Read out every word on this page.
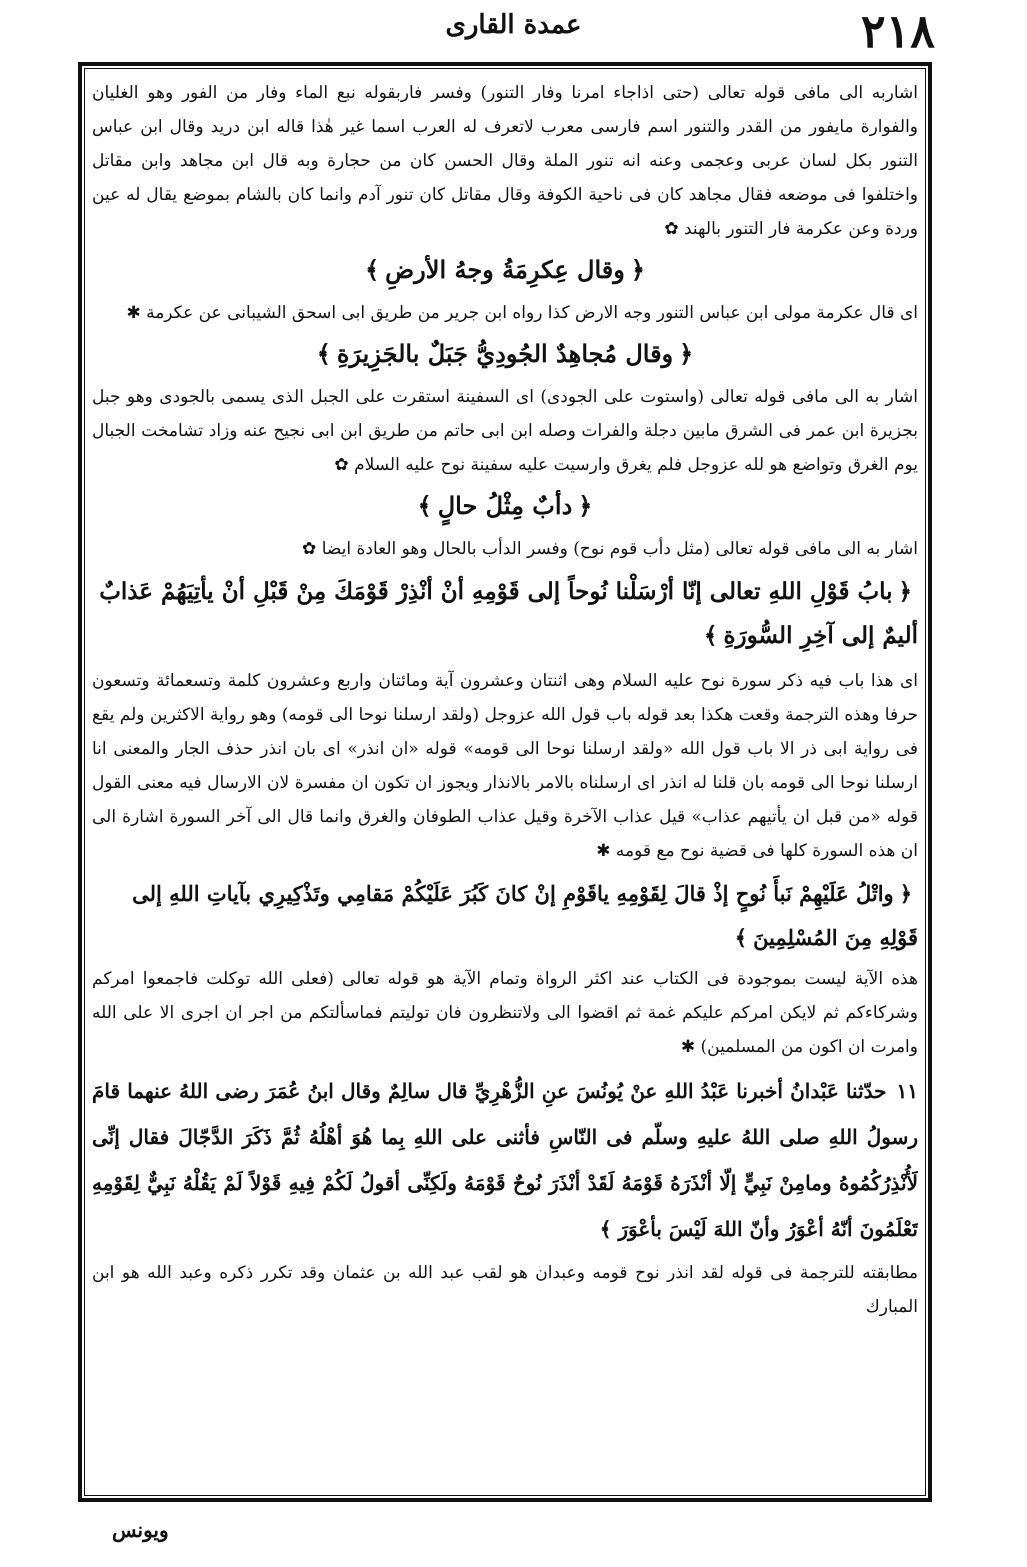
٢١٨
عمدة القارى

اشاربه الى مافى قوله تعالى (حتى اذاجاء امرنا وفار التنور) وفسر فاربقوله نبع الماء وفار من الفور وهو الغليان والفوارة مايفور من القدر والتنور اسم فارسى معرب لاتعرف له العرب اسما غير هٰذا قاله ابن دريد وقال ابن عباس التنور بكل لسان عربى وعجمى وعنه انه تنور الملة وقال الحسن كان من حجارة وبه قال ابن مجاهد وابن مقاتل واختلفوا فى موضعه فقال مجاهد كان فى ناحية الكوفة وقال مقاتل كان تنور آدم وانما كان بالشام بموضع يقال له عين وردة وعن عكرمة فار التنور بالهند ✿

﴿وقال عِكرِمَةُ وجهُ الأرضِ﴾

اى قال عكرمة مولى ابن عباس التنور وجه الارض كذا رواه ابن جرير من طريق ابى اسحق الشيبانى عن عكرمة ✱

﴿وقال مُجاهِدٌ الجُودِيُّ جَبَلٌ بالجَزِيرَةِ﴾

اشار به الى مافى قوله تعالى (واستوت على الجودى) اى السفينة استقرت على الجبل الذى يسمى بالجودى وهو جبل بجزيرة ابن عمر فى الشرق مابين دجلة والفرات وصله ابن ابى حاتم من طريق ابن ابى نجيح عنه وزاد تشامخت الجبال يوم الغرق وتواضع هو لله عزوجل فلم يغرق وارسيت عليه سفينة نوح عليه السلام ✿

﴿دأبٌ مِثْلُ حالٍ﴾

اشار به الى مافى قوله تعالى (مثل دأب قوم نوح) وفسر الدأب بالحال وهو العادة ايضا ✿

﴿بابُ قَوْلِ اللهِ تعالى إنّا أرْسَلْنا نُوحاً إلى قَوْمِهِ أنْ أنْذِرْ قَوْمَكَ مِنْ قَبْلِ أنْ يأتِيَهُمْ عَذابٌ أليمٌ إلى آخِرِ السُّورَةِ﴾

اى هذا باب فيه ذكر سورة نوح عليه السلام وهى اثنتان وعشرون آية ومائتان واربع وعشرون كلمة وتسعمائة وتسعون حرفا وهذه الترجمة وقعت هكذا بعد قوله باب قول الله عزوجل (ولقد ارسلنا نوحا الى قومه) وهو رواية الاكثرين ولم يقع فى رواية ابى ذر الا باب قول الله «ولقد ارسلنا نوحا الى قومه» قوله «ان انذر» اى بان انذر حذف الجار والمعنى انا ارسلنا نوحا الى قومه بان قلنا له انذر اى ارسلناه بالامر بالانذار ويجوز ان تكون ان مفسرة لان الارسال فيه معنى القول قوله «من قبل ان يأتيهم عذاب» قيل عذاب الآخرة وقيل عذاب الطوفان والغرق وانما قال الى آخر السورة اشارة الى ان هذه السورة كلها فى قضية نوح مع قومه ✱

﴿واتْلُ عَلَيْهِمْ نَبأَ نُوحٍ إذْ قالَ لِقَوْمِهِ ياقَوْمِ إنْ كانَ كَبُرَ عَلَيْكُمْ مَقامِي وتَذْكِيرِي بآياتِ اللهِ إلى قَوْلِهِ مِنَ المُسْلِمِينَ﴾

هذه الآية ليست بموجودة فى الكتاب عند اكثر الرواة وتمام الآية هو قوله تعالى (فعلى الله توكلت فاجمعوا امركم وشركاءكم ثم لايكن امركم عليكم غمة ثم اقضوا الى ولاتنظرون فان توليتم فماسألتكم من اجر ان اجرى الا على الله وامرت ان اكون من المسلمين) ✱

١١حدّثنا عَبْدانُ أخبرنا عَبْدُ اللهِ عنْ يُونُسَ عنِ الزُّهْرِيِّ قال سالِمٌ وقال ابنُ عُمَرَ رضى اللهُ عنهما قامَ رسولُ اللهِ صلى اللهُ عليهِ وسلّم فى النّاسِ فأثنى على اللهِ بِما هُوَ أهْلُهُ ثُمَّ ذَكَرَ الدَّجّالَ فقال إنِّى لَأُنْذِرُكُمُوهُ ومامِنْ نَبِيٍّ إلّا أنْذَرَهُ قَوْمَهُ لَقَدْ أنْذَرَ نُوحٌ قَوْمَهُ ولَكِنِّى أقولُ لَكُمْ فِيهِ قَوْلاً لَمْ يَقُلْهُ نَبِيٌّ لِقَوْمِهِ تَعْلَمُونَ أنّهُ أعْوَرُ وأنّ اللهَ لَيْسَ بأعْوَرَ ﴾

مطابقته للترجمة فى قوله لقد انذر نوح قومه وعبدان هو لقب عبد الله بن عثمان وقد تكرر ذكره وعبد الله هو ابن المبارك

ويونس
